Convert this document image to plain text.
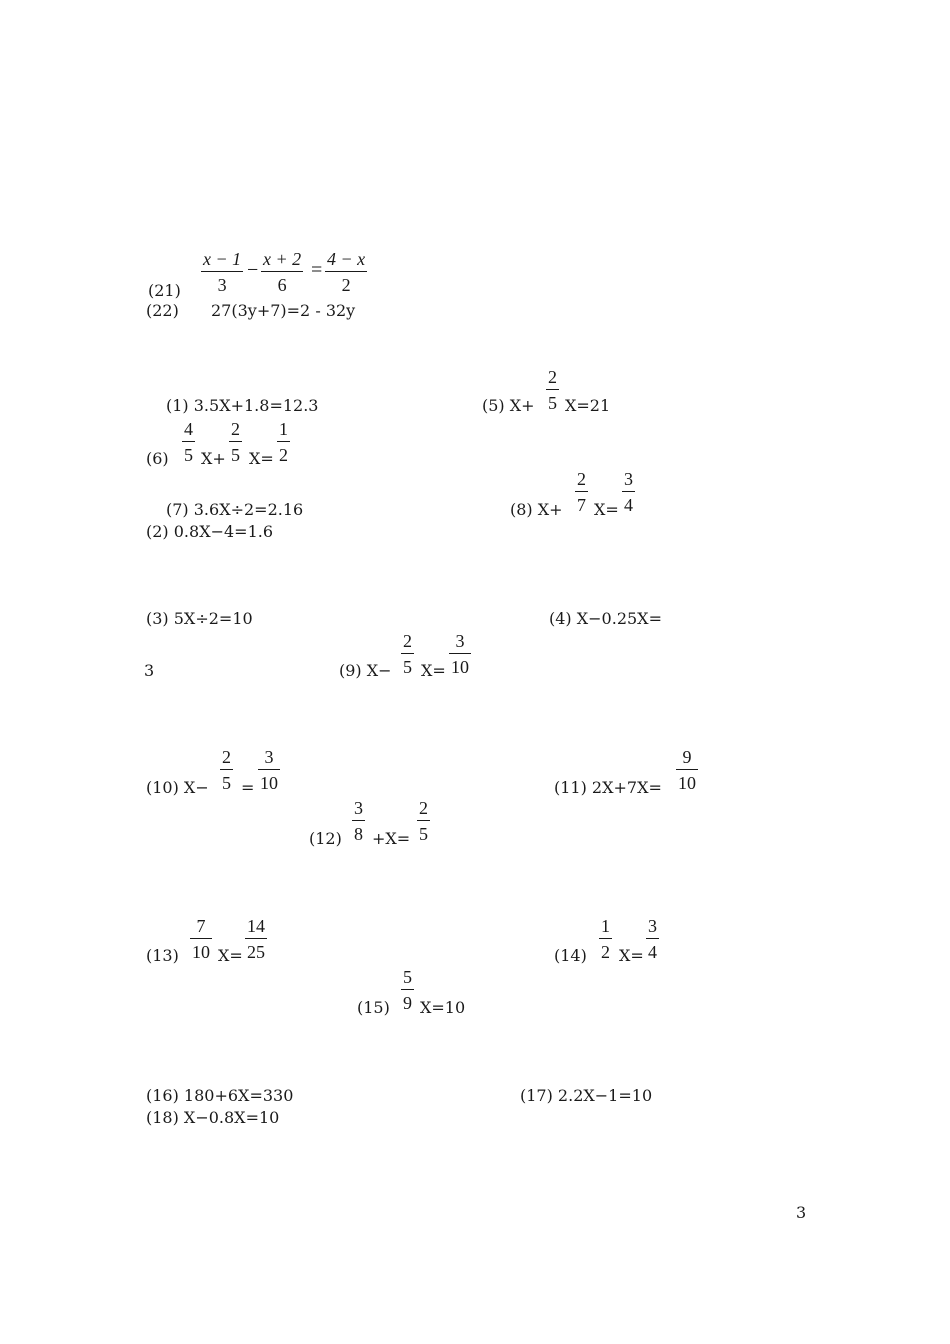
(21)
x − 1
3
− x + 2
6
= 4 − x
2
(22) 27(3y+7)=2 - 32y
(1) 3.5X+1.8=12.3	(5) X+
2
5 X=21
(6)
4
5 X+
2
5 X=
1
2
(7) 3.6X÷2=2.16	(8) X+
2
7 X=
3
4
(2) 0.8X−4=1.6
(3) 5X÷2=10	(4) X−0.25X=
3	(9) X−
2
5 X=
3
10
(10) X−
2
5 =
3
10	(11) 2X+7X=
9
10
(12)
3
8 +X=
2
5
(13)
7
10 X=
14
25	(14)
1
2 X=
3
4
(15)
5
9 X=10
(16) 180+6X=330	(17) 2.2X−1=10
(18) X−0.8X=10
3
